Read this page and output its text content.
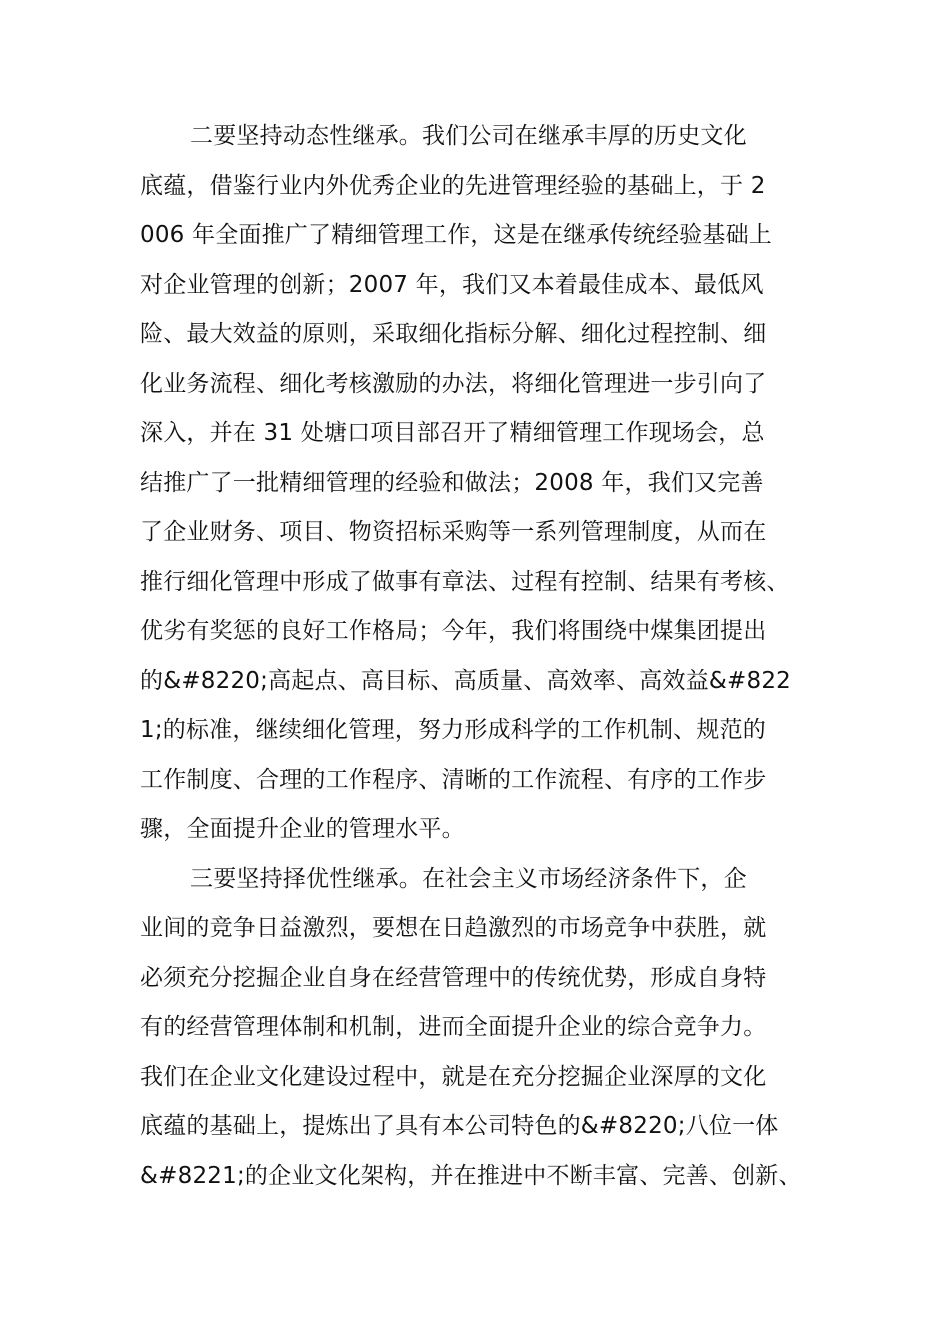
二要坚持动态性继承。我们公司在继承丰厚的历史文化
底蕴，借鉴行业内外优秀企业的先进管理经验的基础上，于 2
006 年全面推广了精细管理工作，这是在继承传统经验基础上
对企业管理的创新；2007 年，我们又本着最佳成本、最低风
险、最大效益的原则，采取细化指标分解、细化过程控制、细
化业务流程、细化考核激励的办法，将细化管理进一步引向了
深入，并在 31 处塘口项目部召开了精细管理工作现场会，总
结推广了一批精细管理的经验和做法；2008 年，我们又完善
了企业财务、项目、物资招标采购等一系列管理制度，从而在
推行细化管理中形成了做事有章法、过程有控制、结果有考核、
优劣有奖惩的良好工作格局；今年，我们将围绕中煤集团提出
的&#8220;高起点、高目标、高质量、高效率、高效益&#822
1;的标准，继续细化管理，努力形成科学的工作机制、规范的
工作制度、合理的工作程序、清晰的工作流程、有序的工作步
骤，全面提升企业的管理水平。
三要坚持择优性继承。在社会主义市场经济条件下，企
业间的竞争日益激烈，要想在日趋激烈的市场竞争中获胜，就
必须充分挖掘企业自身在经营管理中的传统优势，形成自身特
有的经营管理体制和机制，进而全面提升企业的综合竞争力。
我们在企业文化建设过程中，就是在充分挖掘企业深厚的文化
底蕴的基础上，提炼出了具有本公司特色的&#8220;八位一体
&#8221;的企业文化架构，并在推进中不断丰富、完善、创新、
